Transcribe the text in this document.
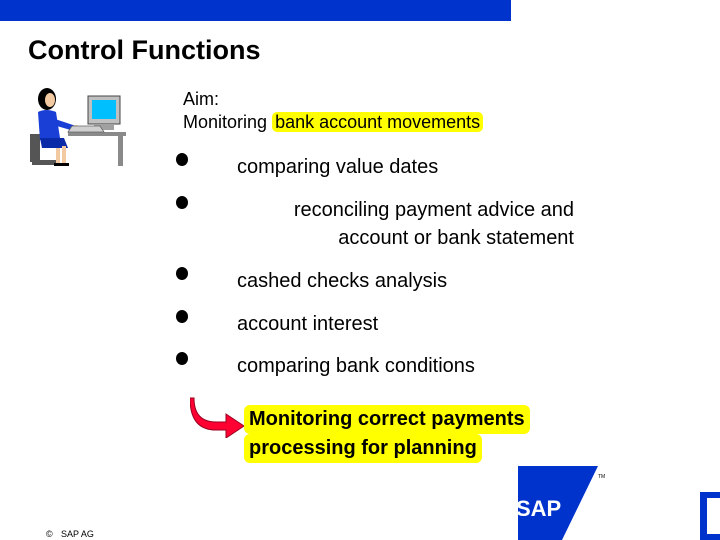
Control Functions
Aim:
Monitoring bank account movements
comparing value dates
reconciling payment advice and account or bank statement
cashed checks analysis
account interest
comparing bank conditions
Monitoring correct payments
processing for planning
SAP
TM
© SAP AG
